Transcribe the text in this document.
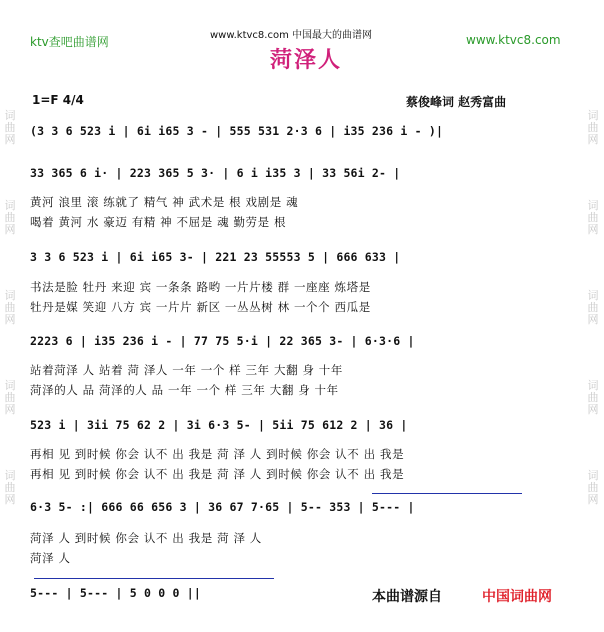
ktv查吧曲谱网	www.ktvc8.com 中国最大的曲谱网	www.ktvc8.com
菏泽人
1=F 4/4	蔡俊峰词 赵秀富曲
词曲网
词曲网
词曲网
词曲网
词曲网
词曲网
词曲网
词曲网
词曲网
词曲网
(3 3 6 523 i | 6i i65 3 - | 555 531 2·3 6 | i35 236 i - )|
33 365 6 i· | 223 365 5 3· | 6 i i35 3 | 33 56i 2- |
黄河 浪里 滚 练就了 精气 神 武术是 根 戏剧是 魂
喝着 黄河 水 豪迈 有精 神 不屈是 魂 勤劳是 根
3 3 6 523 i | 6i i65 3- | 221 23 55553 5 | 666 633 |
书法是脸 牡丹 来迎 宾 一条条 路哟 一片片楼 群 一座座 炼塔是
牡丹是媒 笑迎 八方 宾 一片片 新区 一丛丛树 林 一个个 西瓜是
2223 6 | i35 236 i - | 77 75 5·i | 22 365 3- | 6·3·6 |
站着菏泽 人 站着 菏 泽人 一年 一个 样 三年 大翻 身 十年
菏泽的人 品 菏泽的人 品 一年 一个 样 三年 大翻 身 十年
523 i | 3ii 75 62 2 | 3i 6·3 5- | 5ii 75 612 2 | 36 |
再相 见 到时候 你会 认不 出 我是 菏 泽 人 到时候 你会 认不 出 我是
再相 见 到时候 你会 认不 出 我是 菏 泽 人 到时候 你会 认不 出 我是
6·3 5- :| 666 66 656 3 | 36 67 7·65 | 5-- 353 | 5--- |
菏泽 人 到时候 你会 认不 出 我是 菏 泽 人
菏泽 人
5--- | 5--- | 5 0 0 0 ||	本曲谱源自	中国词曲网
